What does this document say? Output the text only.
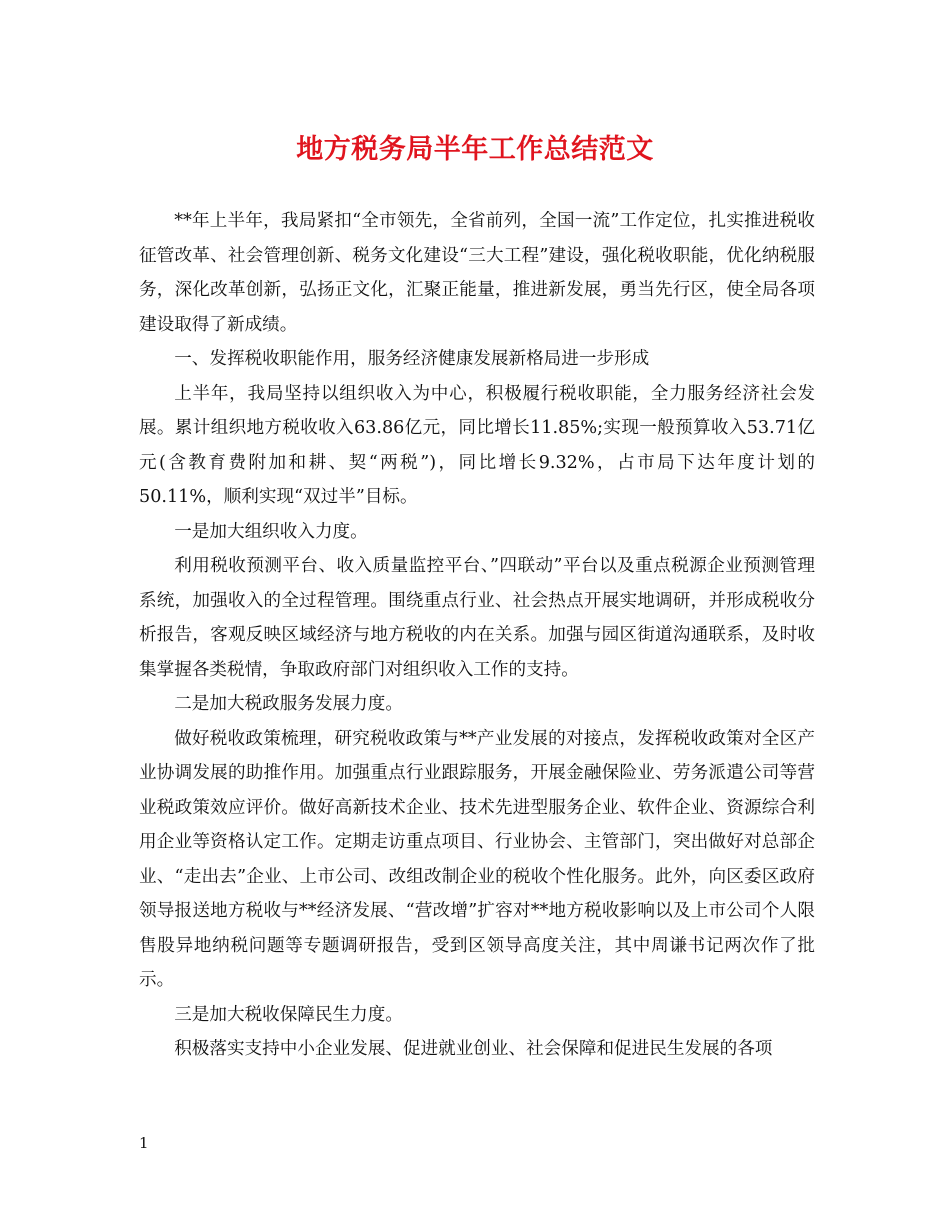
地方税务局半年工作总结范文

**年上半年，我局紧扣“全市领先，全省前列，全国一流”工作定位，扎实推进税收征管改革、社会管理创新、税务文化建设“三大工程”建设，强化税收职能，优化纳税服务，深化改革创新，弘扬正文化，汇聚正能量，推进新发展，勇当先行区，使全局各项建设取得了新成绩。

一、发挥税收职能作用，服务经济健康发展新格局进一步形成

上半年，我局坚持以组织收入为中心，积极履行税收职能，全力服务经济社会发展。累计组织地方税收收入63.86亿元，同比增长11.85%;实现一般预算收入53.71亿元(含教育费附加和耕、契“两税”)，同比增长9.32%，占市局下达年度计划的50.11%，顺利实现“双过半”目标。

一是加大组织收入力度。

利用税收预测平台、收入质量监控平台、”四联动”平台以及重点税源企业预测管理系统，加强收入的全过程管理。围绕重点行业、社会热点开展实地调研，并形成税收分析报告，客观反映区域经济与地方税收的内在关系。加强与园区街道沟通联系，及时收集掌握各类税情，争取政府部门对组织收入工作的支持。

二是加大税政服务发展力度。

做好税收政策梳理，研究税收政策与**产业发展的对接点，发挥税收政策对全区产业协调发展的助推作用。加强重点行业跟踪服务，开展金融保险业、劳务派遣公司等营业税政策效应评价。做好高新技术企业、技术先进型服务企业、软件企业、资源综合利用企业等资格认定工作。定期走访重点项目、行业协会、主管部门，突出做好对总部企业、“走出去”企业、上市公司、改组改制企业的税收个性化服务。此外，向区委区政府领导报送地方税收与**经济发展、“营改增”扩容对**地方税收影响以及上市公司个人限售股异地纳税问题等专题调研报告，受到区领导高度关注，其中周谦书记两次作了批示。

三是加大税收保障民生力度。

积极落实支持中小企业发展、促进就业创业、社会保障和促进民生发展的各项

1
